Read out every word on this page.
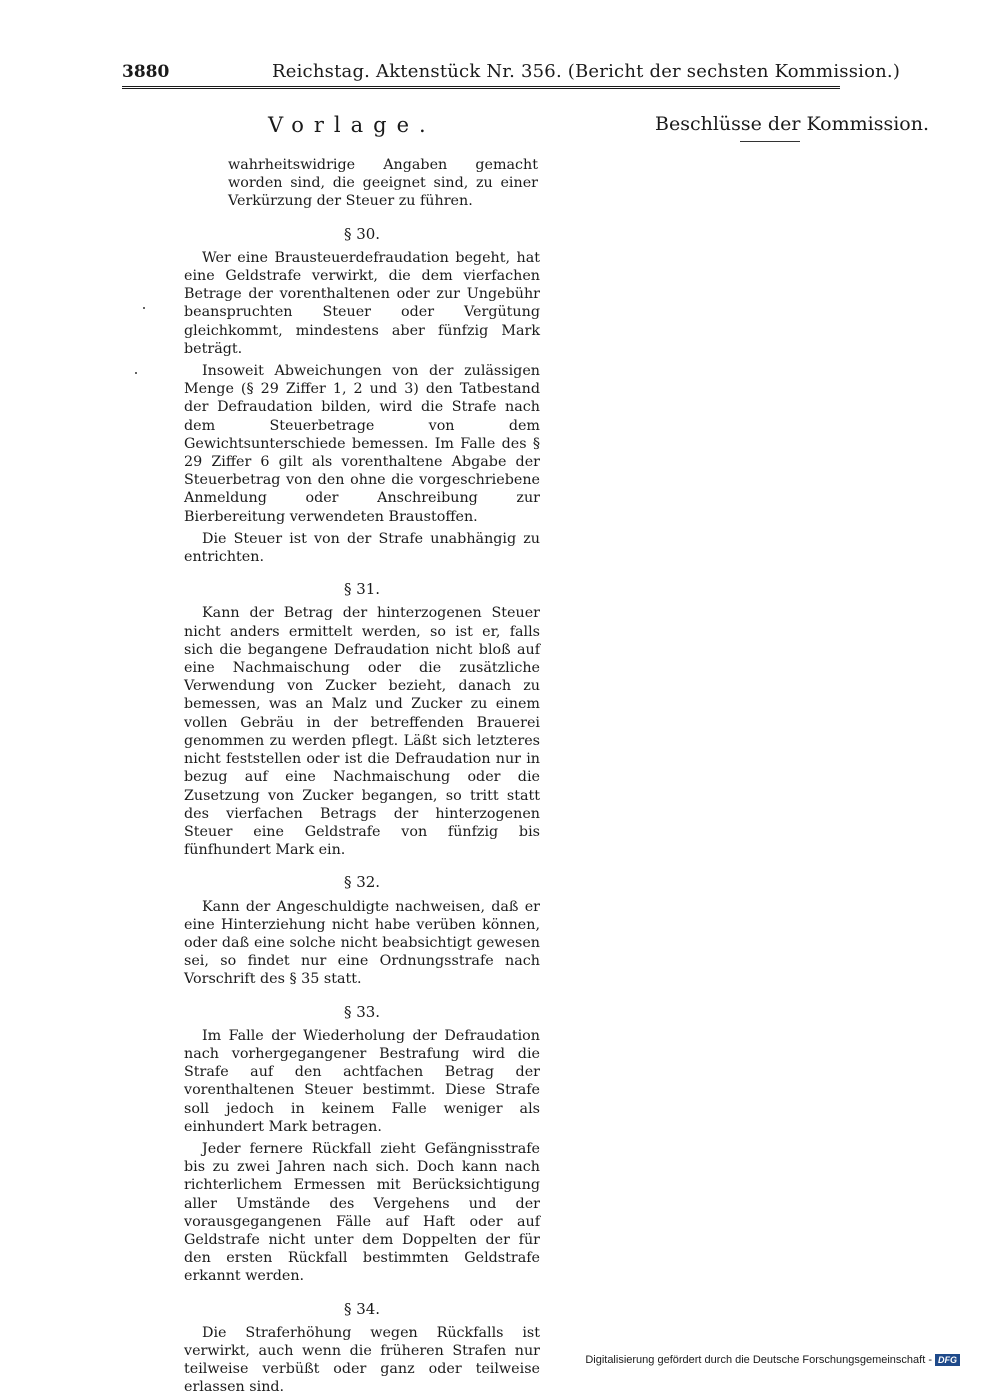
3880	Reichstag. Aktenstück Nr. 356. (Bericht der sechsten Kommission.)
Vorlage.	Beschlüsse der Kommission.

wahrheitswidrige Angaben gemacht worden sind, die geeignet sind, zu einer Verkürzung der Steuer zu führen.

§ 30.

Wer eine Brausteuerdefraudation begeht, hat eine Geldstrafe verwirkt, die dem vierfachen Betrage der vorenthaltenen oder zur Ungebühr beanspruchten Steuer oder Vergütung gleichkommt, mindestens aber fünfzig Mark beträgt.

Insoweit Abweichungen von der zulässigen Menge (§ 29 Ziffer 1, 2 und 3) den Tatbestand der Defraudation bilden, wird die Strafe nach dem Steuerbetrage von dem Gewichtsunterschiede bemessen. Im Falle des § 29 Ziffer 6 gilt als vorenthaltene Abgabe der Steuerbetrag von den ohne die vorgeschriebene Anmeldung oder Anschreibung zur Bierbereitung verwendeten Braustoffen.

Die Steuer ist von der Strafe unabhängig zu entrichten.

§ 31.

Kann der Betrag der hinterzogenen Steuer nicht anders ermittelt werden, so ist er, falls sich die begangene Defraudation nicht bloß auf eine Nachmaischung oder die zusätzliche Verwendung von Zucker bezieht, danach zu bemessen, was an Malz und Zucker zu einem vollen Gebräu in der betreffenden Brauerei genommen zu werden pflegt. Läßt sich letzteres nicht feststellen oder ist die Defraudation nur in bezug auf eine Nachmaischung oder die Zusetzung von Zucker begangen, so tritt statt des vierfachen Betrags der hinterzogenen Steuer eine Geldstrafe von fünfzig bis fünfhundert Mark ein.

§ 32.

Kann der Angeschuldigte nachweisen, daß er eine Hinterziehung nicht habe verüben können, oder daß eine solche nicht beabsichtigt gewesen sei, so findet nur eine Ordnungsstrafe nach Vorschrift des § 35 statt.

§ 33.

Im Falle der Wiederholung der Defraudation nach vorhergegangener Bestrafung wird die Strafe auf den achtfachen Betrag der vorenthaltenen Steuer bestimmt. Diese Strafe soll jedoch in keinem Falle weniger als einhundert Mark betragen.

Jeder fernere Rückfall zieht Gefängnisstrafe bis zu zwei Jahren nach sich. Doch kann nach richterlichem Ermessen mit Berücksichtigung aller Umstände des Vergehens und der vorausgegangenen Fälle auf Haft oder auf Geldstrafe nicht unter dem Doppelten der für den ersten Rückfall bestimmten Geldstrafe erkannt werden.

§ 34.

Die Straferhöhung wegen Rückfalls ist verwirkt, auch wenn die früheren Strafen nur teilweise verbüßt oder ganz oder teilweise erlassen sind.

Digitalisierung gefördert durch die Deutsche Forschungsgemeinschaft - DFG
